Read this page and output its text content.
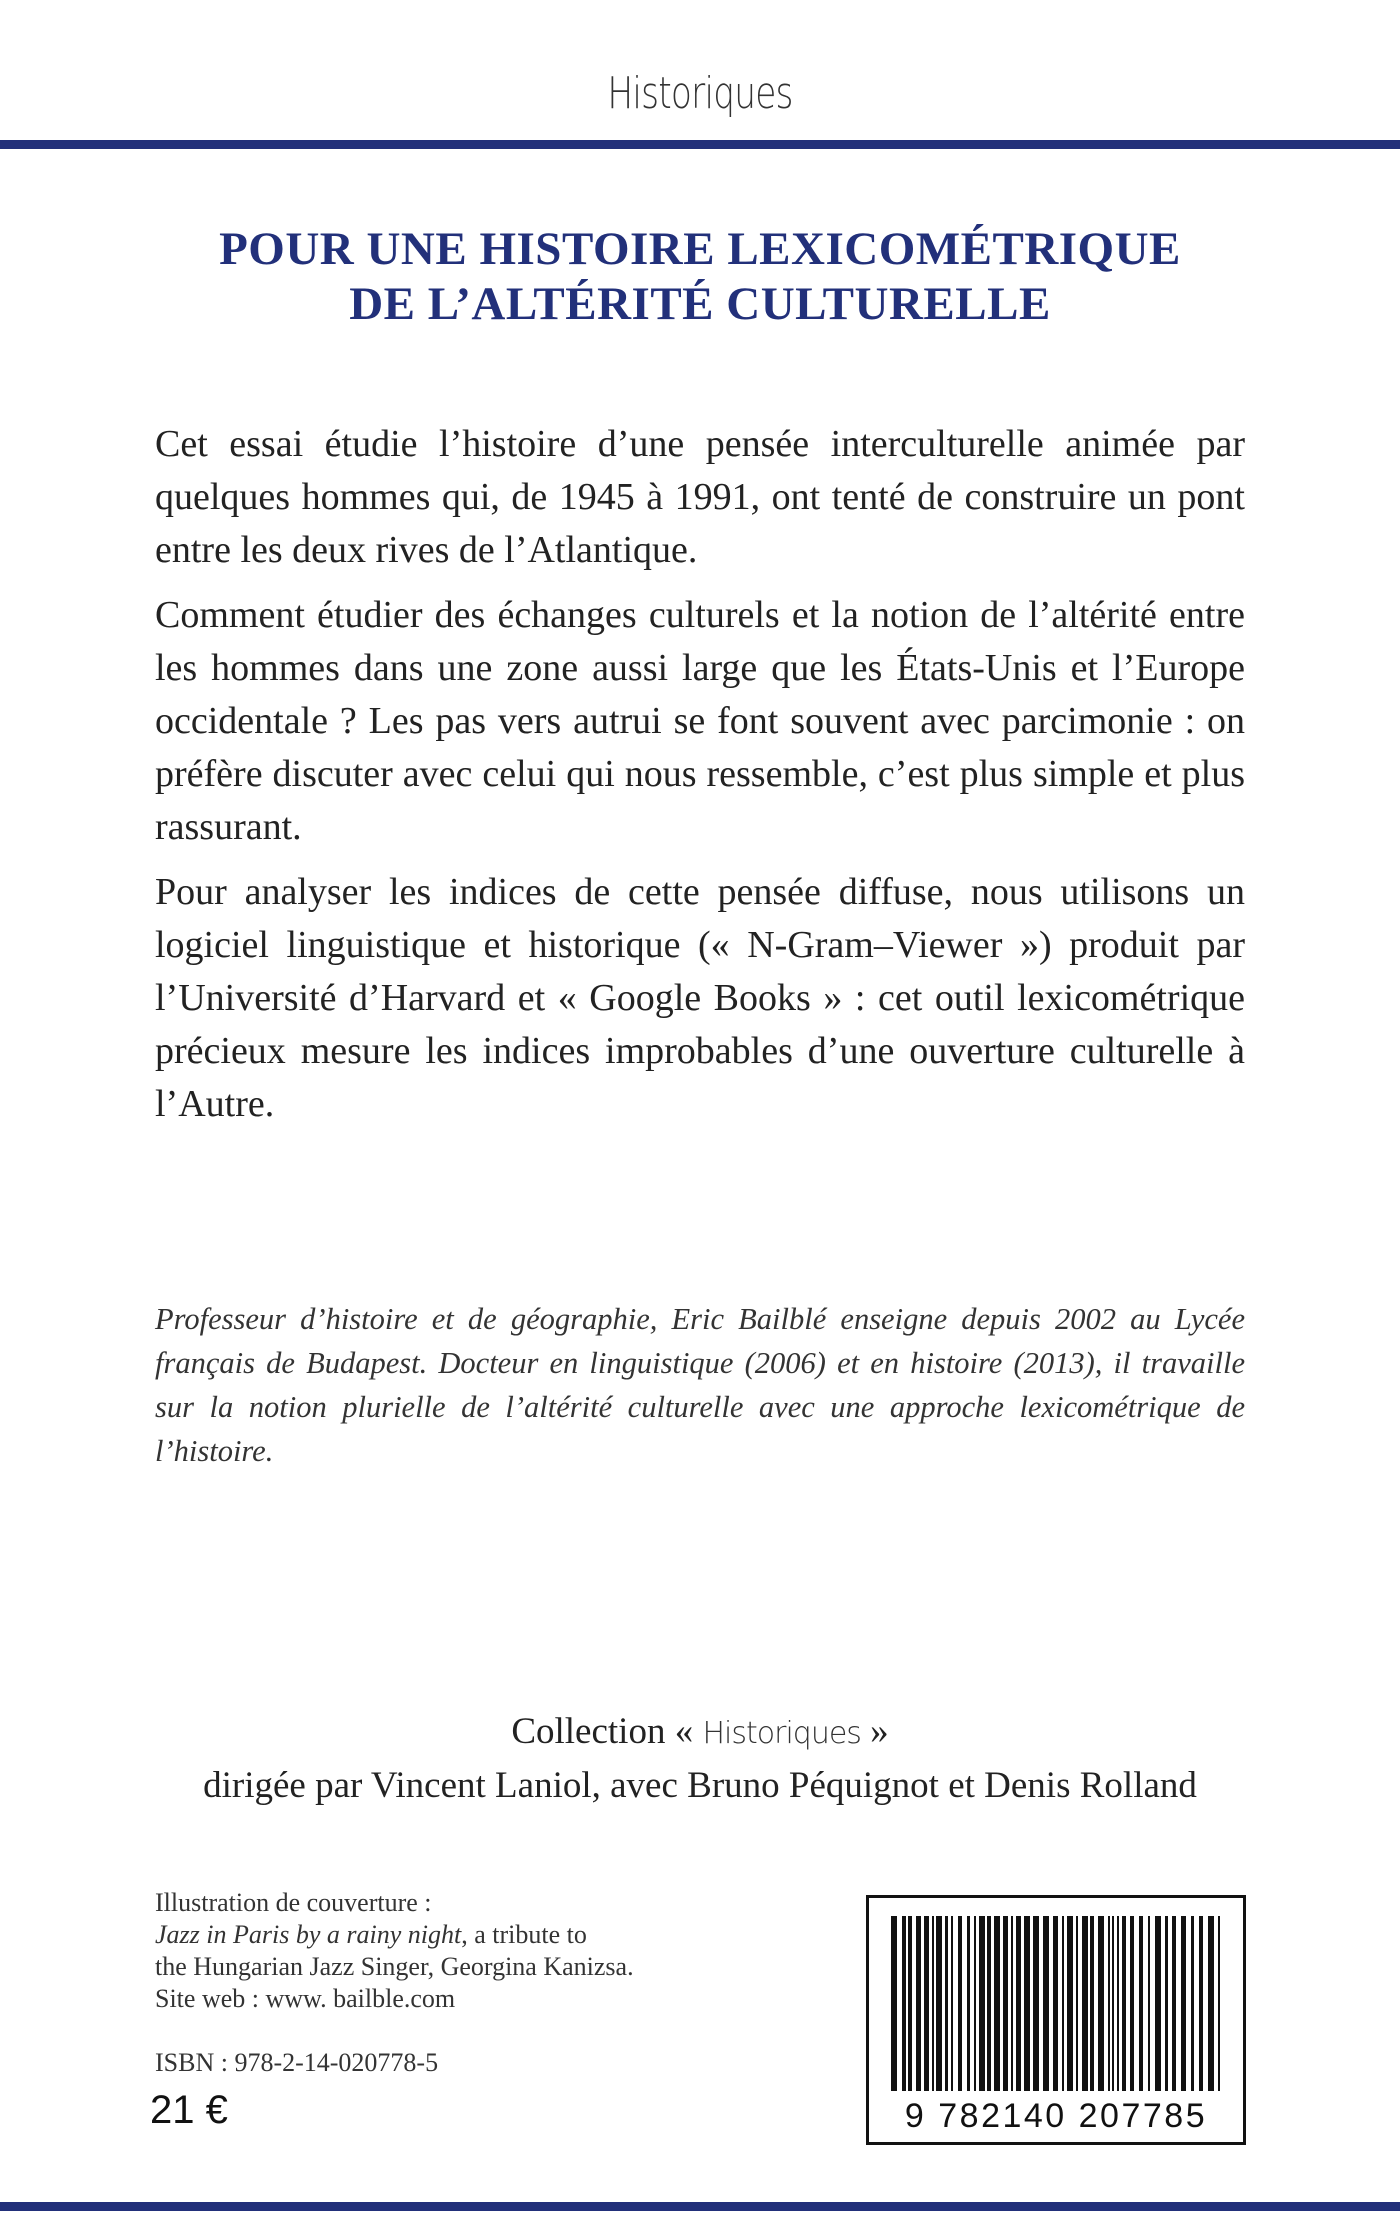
Historiques
POUR UNE HISTOIRE LEXICOMÉTRIQUE
DE L’ALTÉRITÉ CULTURELLE

Cet essai étudie l’histoire d’une pensée interculturelle animée par quelques hommes qui, de 1945 à 1991, ont tenté de construire un pont entre les deux rives de l’Atlantique.

Comment étudier des échanges culturels et la notion de l’altérité entre les hommes dans une zone aussi large que les États-Unis et l’Europe occidentale ? Les pas vers autrui se font souvent avec parcimonie : on préfère discuter avec celui qui nous ressemble, c’est plus simple et plus rassurant.

Pour analyser les indices de cette pensée diffuse, nous utilisons un logiciel linguistique et historique (« N-Gram–Viewer ») produit par l’Université d’Harvard et « Google Books » : cet outil lexicométrique précieux mesure les indices improbables d’une ouverture culturelle à l’Autre.

Professeur d’histoire et de géographie, Eric Bailblé enseigne depuis 2002 au Lycée français de Budapest. Docteur en linguistique (2006) et en histoire (2013), il travaille sur la notion plurielle de l’altérité culturelle avec une approche lexicométrique de l’histoire.

Collection « Historiques »
dirigée par Vincent Laniol, avec Bruno Péquignot et Denis Rolland
Illustration de couverture :
Jazz in Paris by a rainy night, a tribute to
the Hungarian Jazz Singer, Georgina Kanizsa.
Site web : www. bailble.com
ISBN : 978-2-14-020778-5
21 €	9 782140 207785
